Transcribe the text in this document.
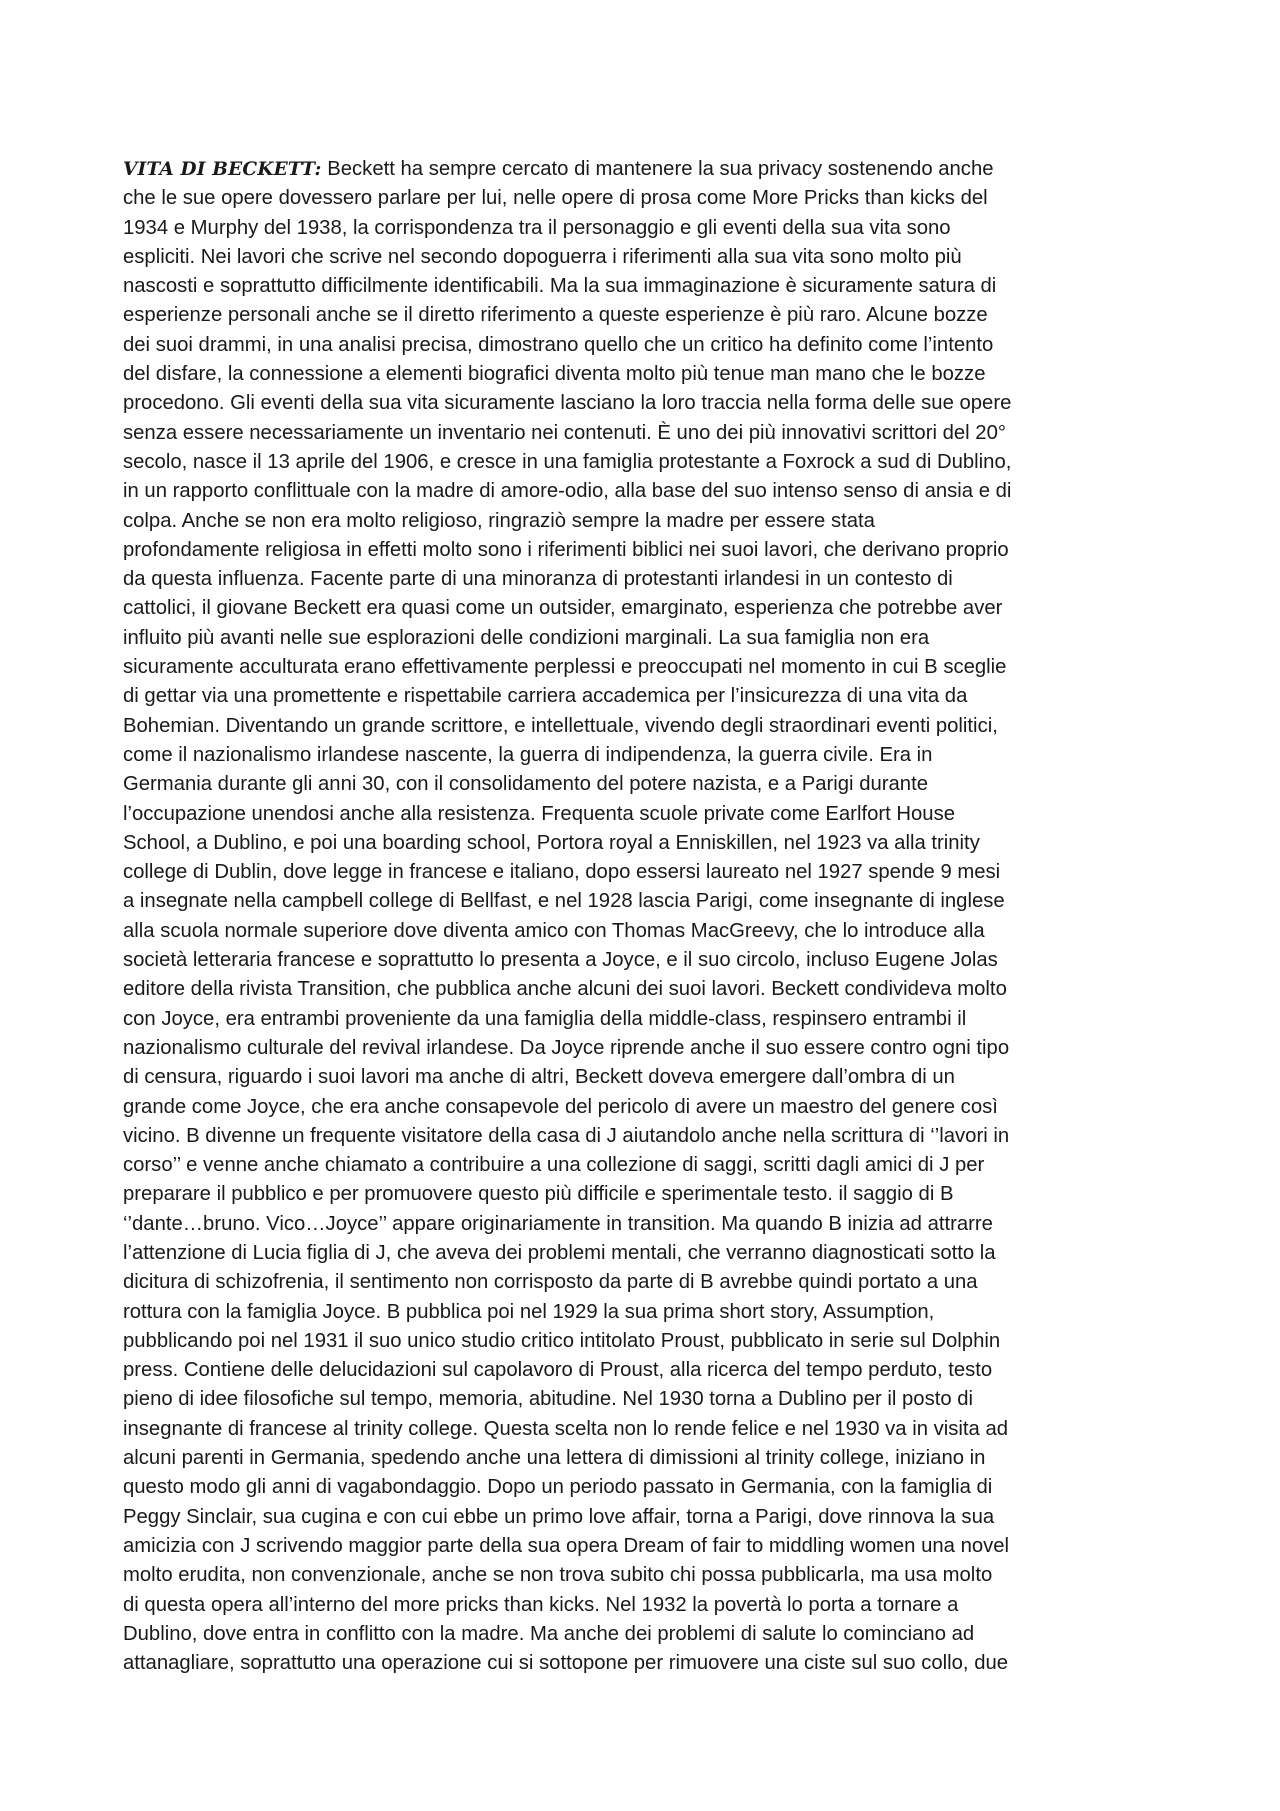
VITA DI BECKETT: Beckett ha sempre cercato di mantenere la sua privacy sostenendo anche
che le sue opere dovessero parlare per lui, nelle opere di prosa come More Pricks than kicks del
1934 e Murphy del 1938, la corrispondenza tra il personaggio e gli eventi della sua vita sono
espliciti. Nei lavori che scrive nel secondo dopoguerra i riferimenti alla sua vita sono molto più
nascosti e soprattutto difficilmente identificabili. Ma la sua immaginazione è sicuramente satura di
esperienze personali anche se il diretto riferimento a queste esperienze è più raro. Alcune bozze
dei suoi drammi, in una analisi precisa, dimostrano quello che un critico ha definito come l’intento
del disfare, la connessione a elementi biografici diventa molto più tenue man mano che le bozze
procedono. Gli eventi della sua vita sicuramente lasciano la loro traccia nella forma delle sue opere
senza essere necessariamente un inventario nei contenuti. È uno dei più innovativi scrittori del 20°
secolo, nasce il 13 aprile del 1906, e cresce in una famiglia protestante a Foxrock a sud di Dublino,
in un rapporto conflittuale con la madre di amore-odio, alla base del suo intenso senso di ansia e di
colpa. Anche se non era molto religioso, ringraziò sempre la madre per essere stata
profondamente religiosa in effetti molto sono i riferimenti biblici nei suoi lavori, che derivano proprio
da questa influenza. Facente parte di una minoranza di protestanti irlandesi in un contesto di
cattolici, il giovane Beckett era quasi come un outsider, emarginato, esperienza che potrebbe aver
influito più avanti nelle sue esplorazioni delle condizioni marginali. La sua famiglia non era
sicuramente acculturata erano effettivamente perplessi e preoccupati nel momento in cui B sceglie
di gettar via una promettente e rispettabile carriera accademica per l’insicurezza di una vita da
Bohemian. Diventando un grande scrittore, e intellettuale, vivendo degli straordinari eventi politici,
come il nazionalismo irlandese nascente, la guerra di indipendenza, la guerra civile. Era in
Germania durante gli anni 30, con il consolidamento del potere nazista, e a Parigi durante
l’occupazione unendosi anche alla resistenza. Frequenta scuole private come Earlfort House
School, a Dublino, e poi una boarding school, Portora royal a Enniskillen, nel 1923 va alla trinity
college di Dublin, dove legge in francese e italiano, dopo essersi laureato nel 1927 spende 9 mesi
a insegnate nella campbell college di Bellfast, e nel 1928 lascia Parigi, come insegnante di inglese
alla scuola normale superiore dove diventa amico con Thomas MacGreevy, che lo introduce alla
società letteraria francese e soprattutto lo presenta a Joyce, e il suo circolo, incluso Eugene Jolas
editore della rivista Transition, che pubblica anche alcuni dei suoi lavori. Beckett condivideva molto
con Joyce, era entrambi proveniente da una famiglia della middle-class, respinsero entrambi il
nazionalismo culturale del revival irlandese. Da Joyce riprende anche il suo essere contro ogni tipo
di censura, riguardo i suoi lavori ma anche di altri, Beckett doveva emergere dall’ombra di un
grande come Joyce, che era anche consapevole del pericolo di avere un maestro del genere così
vicino. B divenne un frequente visitatore della casa di J aiutandolo anche nella scrittura di ‘’lavori in
corso’’ e venne anche chiamato a contribuire a una collezione di saggi, scritti dagli amici di J per
preparare il pubblico e per promuovere questo più difficile e sperimentale testo. il saggio di B
‘’dante…bruno. Vico…Joyce’’ appare originariamente in transition. Ma quando B inizia ad attrarre
l’attenzione di Lucia figlia di J, che aveva dei problemi mentali, che verranno diagnosticati sotto la
dicitura di schizofrenia, il sentimento non corrisposto da parte di B avrebbe quindi portato a una
rottura con la famiglia Joyce. B pubblica poi nel 1929 la sua prima short story, Assumption,
pubblicando poi nel 1931 il suo unico studio critico intitolato Proust, pubblicato in serie sul Dolphin
press. Contiene delle delucidazioni sul capolavoro di Proust, alla ricerca del tempo perduto, testo
pieno di idee filosofiche sul tempo, memoria, abitudine. Nel 1930 torna a Dublino per il posto di
insegnante di francese al trinity college. Questa scelta non lo rende felice e nel 1930 va in visita ad
alcuni parenti in Germania, spedendo anche una lettera di dimissioni al trinity college, iniziano in
questo modo gli anni di vagabondaggio. Dopo un periodo passato in Germania, con la famiglia di
Peggy Sinclair, sua cugina e con cui ebbe un primo love affair, torna a Parigi, dove rinnova la sua
amicizia con J scrivendo maggior parte della sua opera Dream of fair to middling women una novel
molto erudita, non convenzionale, anche se non trova subito chi possa pubblicarla, ma usa molto
di questa opera all’interno del more pricks than kicks. Nel 1932 la povertà lo porta a tornare a
Dublino, dove entra in conflitto con la madre. Ma anche dei problemi di salute lo cominciano ad
attanagliare, soprattutto una operazione cui si sottopone per rimuovere una ciste sul suo collo, due
